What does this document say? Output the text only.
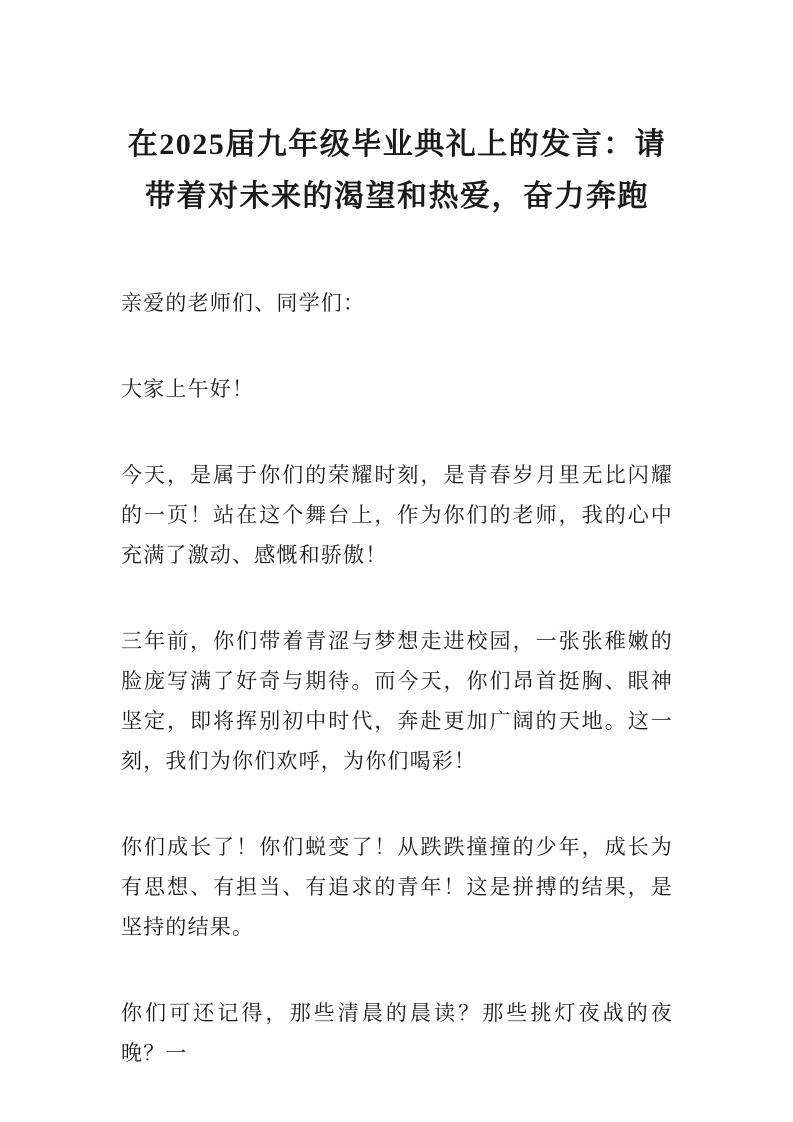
在2025届九年级毕业典礼上的发言：请带着对未来的渴望和热爱，奋力奔跑

亲爱的老师们、同学们：

大家上午好！

今天，是属于你们的荣耀时刻，是青春岁月里无比闪耀的一页！站在这个舞台上，作为你们的老师，我的心中充满了激动、感慨和骄傲！

三年前，你们带着青涩与梦想走进校园，一张张稚嫩的脸庞写满了好奇与期待。而今天，你们昂首挺胸、眼神坚定，即将挥别初中时代，奔赴更加广阔的天地。这一刻，我们为你们欢呼，为你们喝彩！

你们成长了！你们蜕变了！从跌跌撞撞的少年，成长为有思想、有担当、有追求的青年！这是拼搏的结果，是坚持的结果。

你们可还记得，那些清晨的晨读？那些挑灯夜战的夜晚？一
